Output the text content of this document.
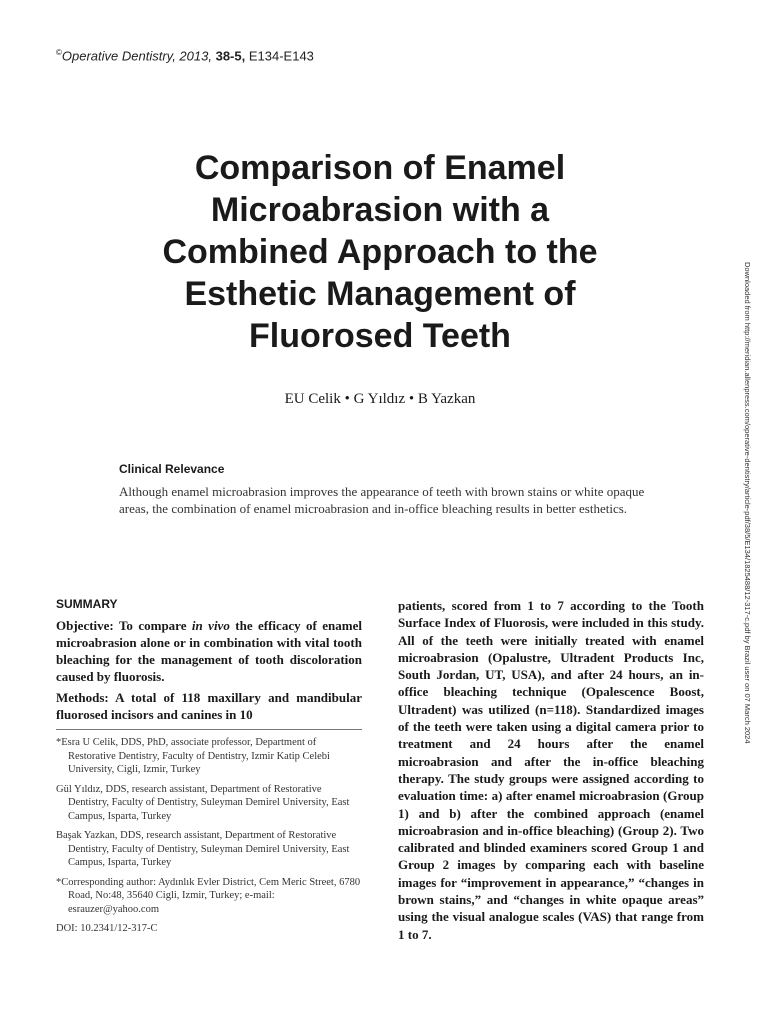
©Operative Dentistry, 2013, 38-5, E134-E143
Comparison of Enamel
Microabrasion with a
Combined Approach to the
Esthetic Management of
Fluorosed Teeth
EU Celik • G Yıldız • B Yazkan	Downloaded from http://meridian.allenpress.com/operative-dentistry/article-pdf/38/5/E134/1825488/12-317-c.pdf by Brazil user on 07 March 2024
Clinical Relevance
Although enamel microabrasion improves the appearance of teeth with brown stains or white opaque areas, the combination of enamel microabrasion and in-office bleaching results in better esthetics.
SUMMARY

Objective: To compare in vivo the efficacy of enamel microabrasion alone or in combination with vital tooth bleaching for the management of tooth discoloration caused by fluorosis.

Methods: A total of 118 maxillary and mandibular fluorosed incisors and canines in 10

*Esra U Celik, DDS, PhD, associate professor, Department of Restorative Dentistry, Faculty of Dentistry, Izmir Katip Celebi University, Cigli, Izmir, Turkey

Gül Yıldız, DDS, research assistant, Department of Restorative Dentistry, Faculty of Dentistry, Suleyman Demirel University, East Campus, Isparta, Turkey

Başak Yazkan, DDS, research assistant, Department of Restorative Dentistry, Faculty of Dentistry, Suleyman Demirel University, East Campus, Isparta, Turkey

*Corresponding author: Aydınlık Evler District, Cem Meric Street, 6780 Road, No:48, 35640 Cigli, Izmir, Turkey; e-mail: esrauzer@yahoo.com

DOI: 10.2341/12-317-C

patients, scored from 1 to 7 according to the Tooth Surface Index of Fluorosis, were included in this study. All of the teeth were initially treated with enamel microabrasion (Opalustre, Ultradent Products Inc, South Jordan, UT, USA), and after 24 hours, an in-office bleaching technique (Opalescence Boost, Ultradent) was utilized (n=118). Standardized images of the teeth were taken using a digital camera prior to treatment and 24 hours after the enamel microabrasion and after the in-office bleaching therapy. The study groups were assigned according to evaluation time: a) after enamel microabrasion (Group 1) and b) after the combined approach (enamel microabrasion and in-office bleaching) (Group 2). Two calibrated and blinded examiners scored Group 1 and Group 2 images by comparing each with baseline images for “improvement in appearance,” “changes in brown stains,” and “changes in white opaque areas” using the visual analogue scales (VAS) that range from 1 to 7.
